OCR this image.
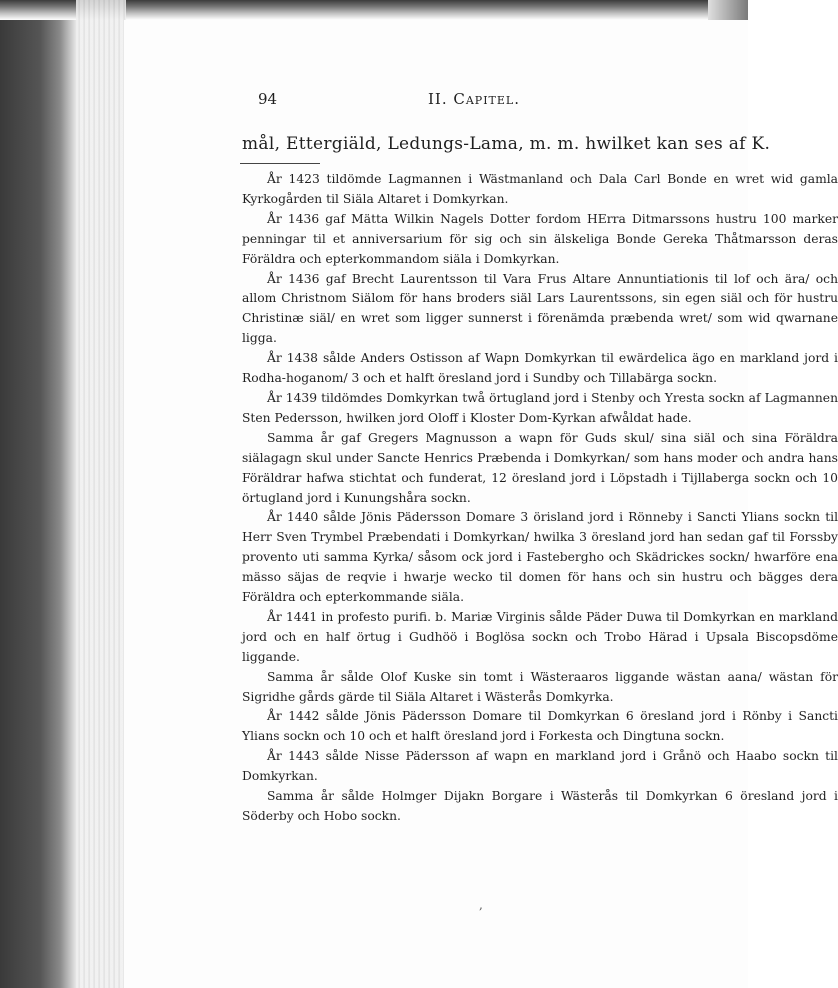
94	II. Capitel.
mål, Ettergiäld, Ledungs-Lama, m. m. hwilket kan ses af K.

År 1423 tildömde Lagmannen i Wästmanland och Dala Carl Bonde en wret wid gamla Kyrkogården til Siäla Altaret i Domkyrkan.

År 1436 gaf Mätta Wilkin Nagels Dotter fordom HErra Ditmarssons hustru 100 marker penningar til et anniversarium för sig och sin älskeliga Bonde Gereka Thåtmarsson deras Föräldra och epterkommandom siäla i Domkyrkan.

År 1436 gaf Brecht Laurentsson til Vara Frus Altare Annuntiationis til lof och ära/ och allom Christnom Siälom för hans broders siäl Lars Laurentssons, sin egen siäl och för hustru Christinæ siäl/ en wret som ligger sunnerst i förenämda præbenda wret/ som wid qwarnane ligga.

År 1438 sålde Anders Ostisson af Wapn Domkyrkan til ewärdelica ägo en markland jord i Rodha-hoganom/ 3 och et halft öresland jord i Sundby och Tillabärga sockn.

År 1439 tildömdes Domkyrkan twå örtugland jord i Stenby och Yresta sockn af Lagmannen Sten Pedersson, hwilken jord Oloff i Kloster Dom-Kyrkan afwåldat hade.

Samma år gaf Gregers Magnusson a wapn för Guds skul/ sina siäl och sina Föräldra siälagagn skul under Sancte Henrics Præbenda i Domkyrkan/ som hans moder och andra hans Föräldrar hafwa stichtat och funderat, 12 öresland jord i Löpstadh i Tijllaberga sockn och 10 örtugland jord i Kunungshåra sockn.

År 1440 sålde Jönis Pädersson Domare 3 örisland jord i Rönneby i Sancti Ylians sockn til Herr Sven Trymbel Præbendati i Domkyrkan/ hwilka 3 öresland jord han sedan gaf til Forssby provento uti samma Kyrka/ såsom ock jord i Fastebergho och Skädrickes sockn/ hwarföre ena mässo säjas de reqvie i hwarje wecko til domen för hans och sin hustru och bägges dera Föräldra och epterkommande siäla.

År 1441 in profesto purifi. b. Mariæ Virginis sålde Päder Duwa til Domkyrkan en markland jord och en half örtug i Gudhöö i Boglösa sockn och Trobo Härad i Upsala Biscopsdöme liggande.

Samma år sålde Olof Kuske sin tomt i Wästeraaros liggande wästan aana/ wästan för Sigridhe gårds gärde til Siäla Altaret i Wästerås Domkyrka.

År 1442 sålde Jönis Pädersson Domare til Domkyrkan 6 öresland jord i Rönby i Sancti Ylians sockn och 10 och et halft öresland jord i Forkesta och Dingtuna sockn.

År 1443 sålde Nisse Pädersson af wapn en markland jord i Grånö och Haabo sockn til Domkyrkan.

Samma år sålde Holmger Dijakn Borgare i Wästerås til Domkyrkan 6 öresland jord i Söderby och Hobo sockn.

,
